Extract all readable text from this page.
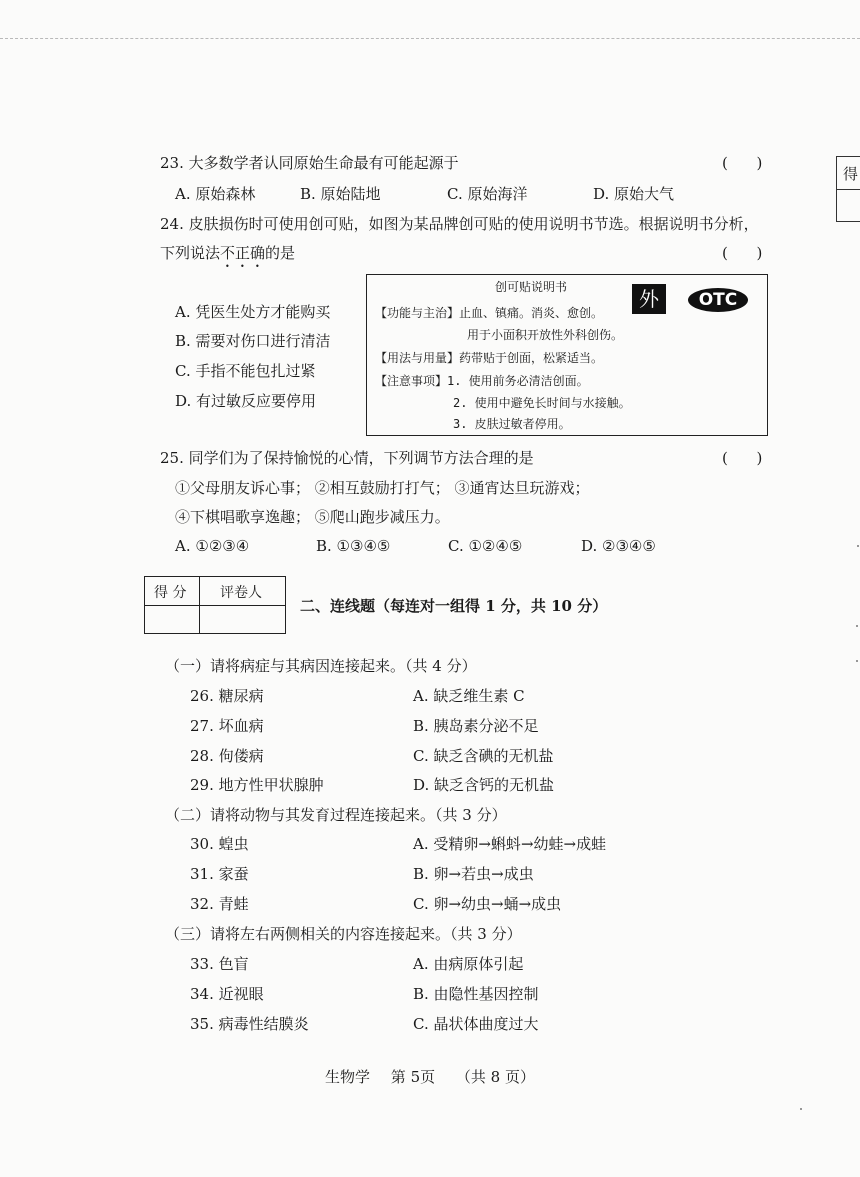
得
23. 大多数学者认同原始生命最有可能起源于	(      )
A. 原始森林	B. 原始陆地	C. 原始海洋	D. 原始大气
24. 皮肤损伤时可使用创可贴，如图为某品牌创可贴的使用说明书节选。根据说明书分析，
下列说法不正确的是	(      )
A. 凭医生处方才能购买
B. 需要对伤口进行清洁
C. 手指不能包扎过紧
D. 有过敏反应要停用
创可贴说明书
【功能与主治】止血、镇痛。消炎、愈创。
用于小面积开放性外科创伤。
【用法与用量】药带贴于创面，松紧适当。
【注意事项】1. 使用前务必清洁创面。
2. 使用中避免长时间与水接触。
3. 皮肤过敏者停用。
外	OTC
25. 同学们为了保持愉悦的心情，下列调节方法合理的是	(      )
①父母朋友诉心事； ②相互鼓励打打气； ③通宵达旦玩游戏；
④下棋唱歌享逸趣； ⑤爬山跑步减压力。
A. ①②③④	B. ①③④⑤	C. ①②④⑤	D. ②③④⑤
得 分 评卷人
二、连线题（每连对一组得 1 分，共 10 分）
（一）请将病症与其病因连接起来。（共 4 分）
26. 糖尿病	A. 缺乏维生素 C
27. 坏血病	B. 胰岛素分泌不足
28. 佝偻病	C. 缺乏含碘的无机盐
29. 地方性甲状腺肿	D. 缺乏含钙的无机盐
（二）请将动物与其发育过程连接起来。（共 3 分）
30. 蝗虫	A. 受精卵→蝌蚪→幼蛙→成蛙
31. 家蚕	B. 卵→若虫→成虫
32. 青蛙	C. 卵→幼虫→蛹→成虫
（三）请将左右两侧相关的内容连接起来。（共 3 分）
33. 色盲	A. 由病原体引起
34. 近视眼	B. 由隐性基因控制
35. 病毒性结膜炎	C. 晶状体曲度过大
生物学 第 5页 （共 8 页）
